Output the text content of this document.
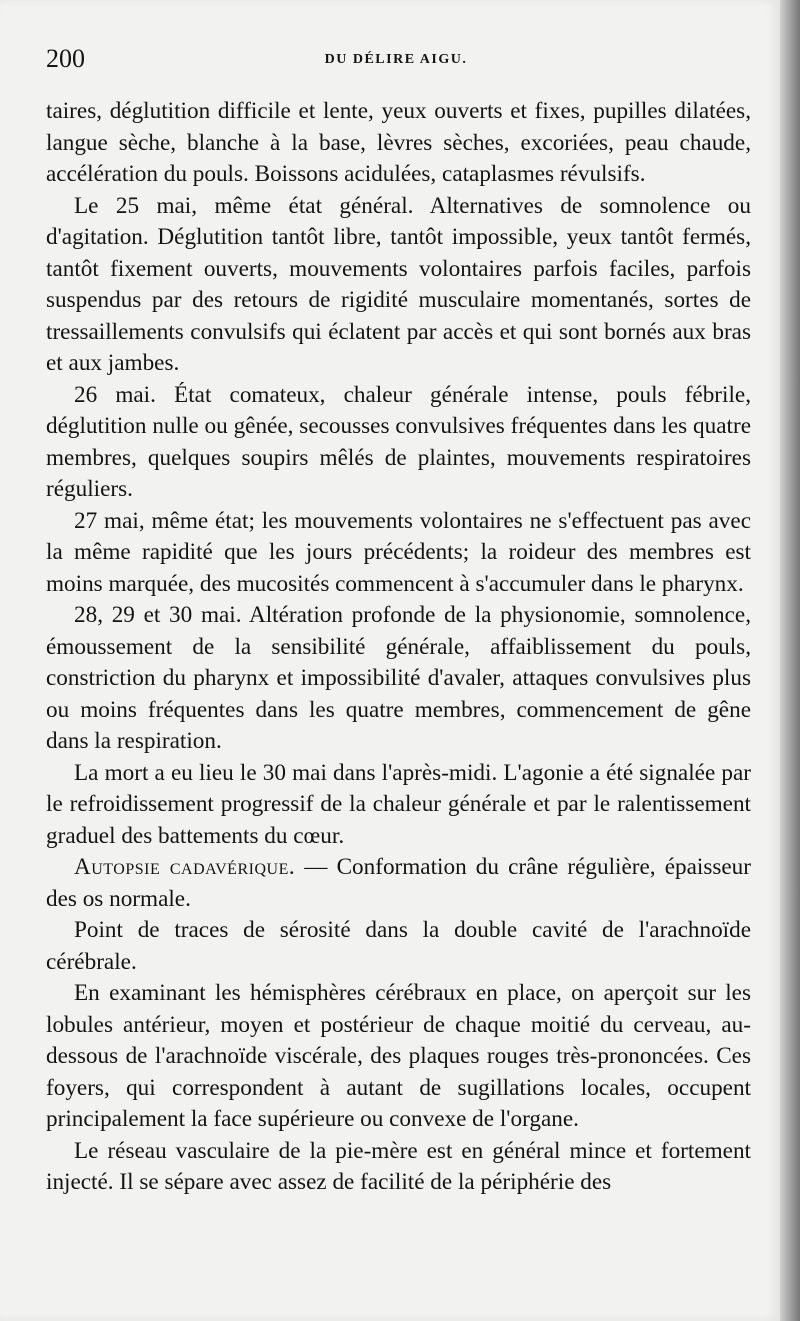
200	DU DÉLIRE AIGU.

taires, déglutition difficile et lente, yeux ouverts et fixes, pupilles dilatées, langue sèche, blanche à la base, lèvres sèches, excoriées, peau chaude, accélération du pouls. Boissons acidulées, cataplasmes révulsifs.

Le 25 mai, même état général. Alternatives de somnolence ou d'agitation. Déglutition tantôt libre, tantôt impossible, yeux tantôt fermés, tantôt fixement ouverts, mouvements volontaires parfois faciles, parfois suspendus par des retours de rigidité musculaire momentanés, sortes de tressaillements convulsifs qui éclatent par accès et qui sont bornés aux bras et aux jambes.

26 mai. État comateux, chaleur générale intense, pouls fébrile, déglutition nulle ou gênée, secousses convulsives fréquentes dans les quatre membres, quelques soupirs mêlés de plaintes, mouvements respiratoires réguliers.

27 mai, même état; les mouvements volontaires ne s'effectuent pas avec la même rapidité que les jours précédents; la roideur des membres est moins marquée, des mucosités commencent à s'accumuler dans le pharynx.

28, 29 et 30 mai. Altération profonde de la physionomie, somnolence, émoussement de la sensibilité générale, affaiblissement du pouls, constriction du pharynx et impossibilité d'avaler, attaques convulsives plus ou moins fréquentes dans les quatre membres, commencement de gêne dans la respiration.

La mort a eu lieu le 30 mai dans l'après-midi. L'agonie a été signalée par le refroidissement progressif de la chaleur générale et par le ralentissement graduel des battements du cœur.

Autopsie cadavérique. — Conformation du crâne régulière, épaisseur des os normale.

Point de traces de sérosité dans la double cavité de l'arachnoïde cérébrale.

En examinant les hémisphères cérébraux en place, on aperçoit sur les lobules antérieur, moyen et postérieur de chaque moitié du cerveau, au-dessous de l'arachnoïde viscérale, des plaques rouges très-prononcées. Ces foyers, qui correspondent à autant de sugillations locales, occupent principalement la face supérieure ou convexe de l'organe.

Le réseau vasculaire de la pie-mère est en général mince et fortement injecté. Il se sépare avec assez de facilité de la périphérie des
